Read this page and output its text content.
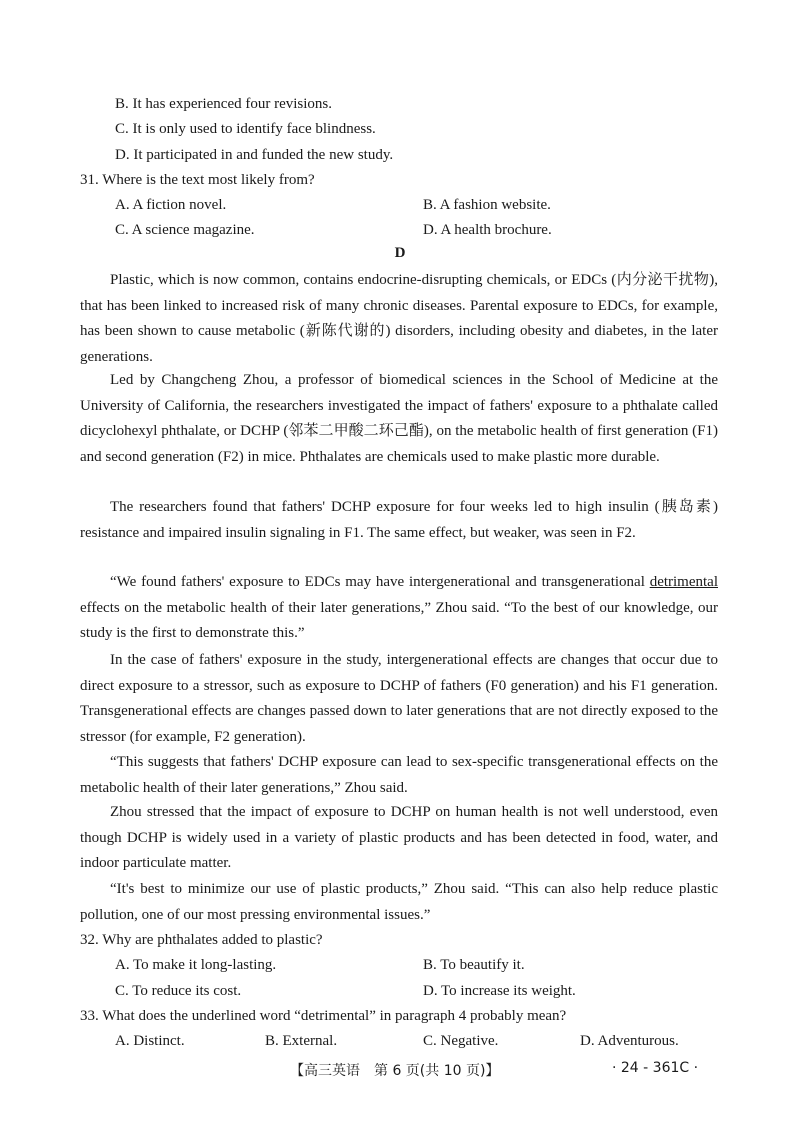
B. It has experienced four revisions.
C. It is only used to identify face blindness.
D. It participated in and funded the new study.
31. Where is the text most likely from?
A. A fiction novel.	B. A fashion website.
C. A science magazine.	D. A health brochure.
D
Plastic, which is now common, contains endocrine-disrupting chemicals, or EDCs (内分泌干扰物), that has been linked to increased risk of many chronic diseases. Parental exposure to EDCs, for example, has been shown to cause metabolic (新陈代谢的) disorders, including obesity and diabetes, in the later generations.
Led by Changcheng Zhou, a professor of biomedical sciences in the School of Medicine at the University of California, the researchers investigated the impact of fathers' exposure to a phthalate called dicyclohexyl phthalate, or DCHP (邻苯二甲酸二环己酯), on the metabolic health of first generation (F1) and second generation (F2) in mice. Phthalates are chemicals used to make plastic more durable.
The researchers found that fathers' DCHP exposure for four weeks led to high insulin (胰岛素) resistance and impaired insulin signaling in F1. The same effect, but weaker, was seen in F2.
“We found fathers' exposure to EDCs may have intergenerational and transgenerational detrimental effects on the metabolic health of their later generations,” Zhou said. “To the best of our knowledge, our study is the first to demonstrate this.”
In the case of fathers' exposure in the study, intergenerational effects are changes that occur due to direct exposure to a stressor, such as exposure to DCHP of fathers (F0 generation) and his F1 generation. Transgenerational effects are changes passed down to later generations that are not directly exposed to the stressor (for example, F2 generation).
“This suggests that fathers' DCHP exposure can lead to sex-specific transgenerational effects on the metabolic health of their later generations,” Zhou said.
Zhou stressed that the impact of exposure to DCHP on human health is not well understood, even though DCHP is widely used in a variety of plastic products and has been detected in food, water, and indoor particulate matter.
“It's best to minimize our use of plastic products,” Zhou said. “This can also help reduce plastic pollution, one of our most pressing environmental issues.”
32. Why are phthalates added to plastic?
A. To make it long-lasting.	B. To beautify it.
C. To reduce its cost.	D. To increase its weight.
33. What does the underlined word “detrimental” in paragraph 4 probably mean?
A. Distinct.	B. External.	C. Negative.	D. Adventurous.
【高三英语　第 6 页(共 10 页)】	· 24 - 361C ·
